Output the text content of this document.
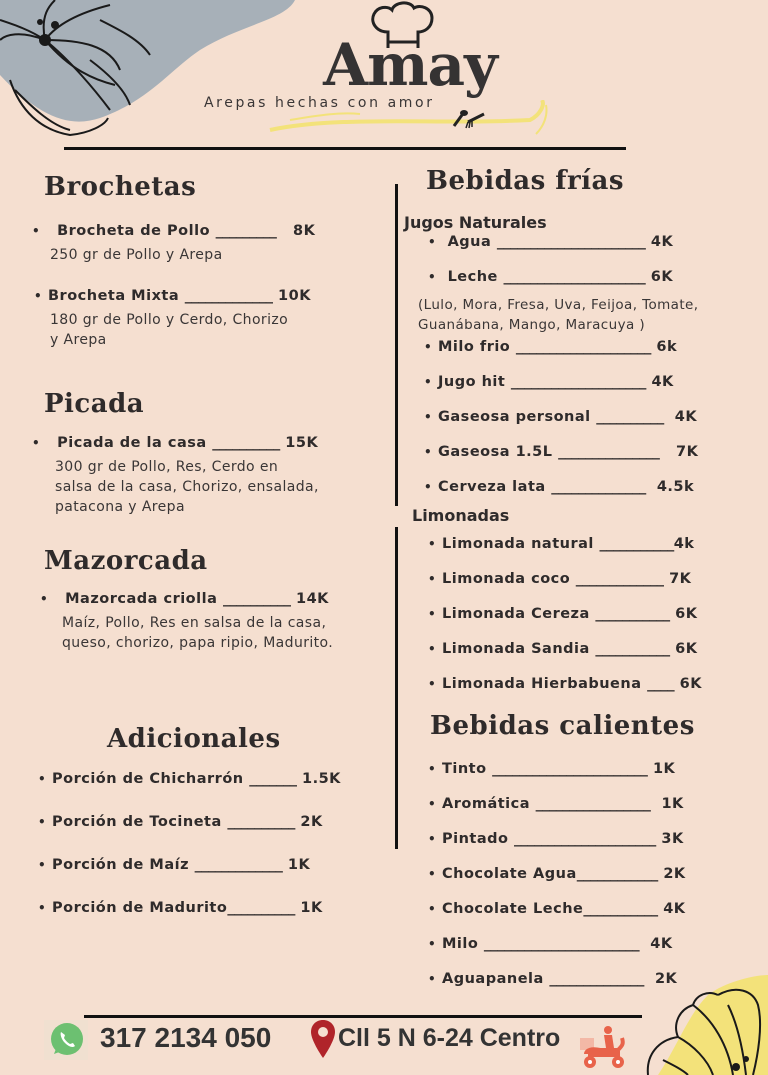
Amay
Arepas hechas con amor
Brochetas
• Brocheta de Pollo _________ 8K
250 gr de Pollo y Arepa
• Brocheta Mixta _____________ 10K
180 gr de Pollo y Cerdo, Chorizo
y Arepa
Picada
• Picada de la casa __________ 15K
300 gr de Pollo, Res, Cerdo en
salsa de la casa, Chorizo, ensalada,
patacona y Arepa
Mazorcada
• Mazorcada criolla __________ 14K
Maíz, Pollo, Res en salsa de la casa,
queso, chorizo, papa ripio, Madurito.
Adicionales
• Porción de Chicharrón _______ 1.5K
• Porción de Tocineta __________ 2K
• Porción de Maíz _____________ 1K
• Porción de Madurito__________ 1K
Bebidas frías
Jugos Naturales
• Agua ______________________ 4K
• Leche _____________________ 6K
(Lulo, Mora, Fresa, Uva, Feijoa, Tomate,
Guanábana, Mango, Maracuya )
• Milo frio ____________________ 6k
• Jugo hit ____________________ 4K
• Gaseosa personal __________ 4K
• Gaseosa 1.5L _______________ 7K
• Cerveza lata ______________ 4.5k
Limonadas
• Limonada natural ___________4k
• Limonada coco _____________ 7K
• Limonada Cereza ___________ 6K
• Limonada Sandia ___________ 6K
• Limonada Hierbabuena ____ 6K
Bebidas calientes
• Tinto _______________________ 1K
• Aromática _________________ 1K
• Pintado _____________________ 3K
• Chocolate Agua____________ 2K
• Chocolate Leche___________ 4K
• Milo _______________________ 4K
• Aguapanela ______________ 2K
317 2134 050	Cll 5 N 6-24 Centro
